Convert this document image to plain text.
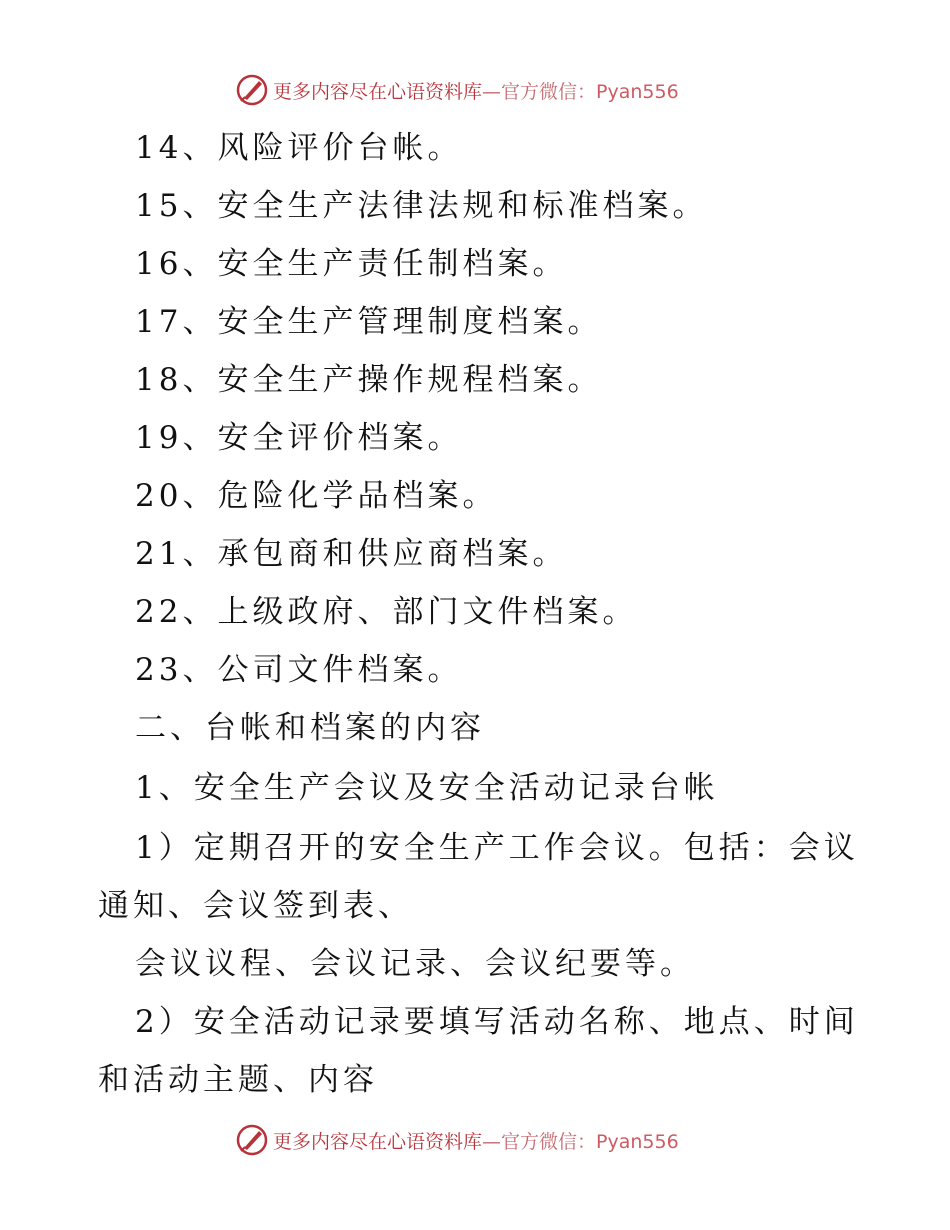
更多内容尽在心语资料库—官方微信：Pyan556
14、风险评价台帐。
15、安全生产法律法规和标准档案。
16、安全生产责任制档案。
17、安全生产管理制度档案。
18、安全生产操作规程档案。
19、安全评价档案。
20、危险化学品档案。
21、承包商和供应商档案。
22、上级政府、部门文件档案。
23、公司文件档案。
二、台帐和档案的内容
1、安全生产会议及安全活动记录台帐
1）定期召开的安全生产工作会议。包括：会议
通知、会议签到表、
会议议程、会议记录、会议纪要等。
2）安全活动记录要填写活动名称、地点、时间
和活动主题、内容
更多内容尽在心语资料库—官方微信：Pyan556
